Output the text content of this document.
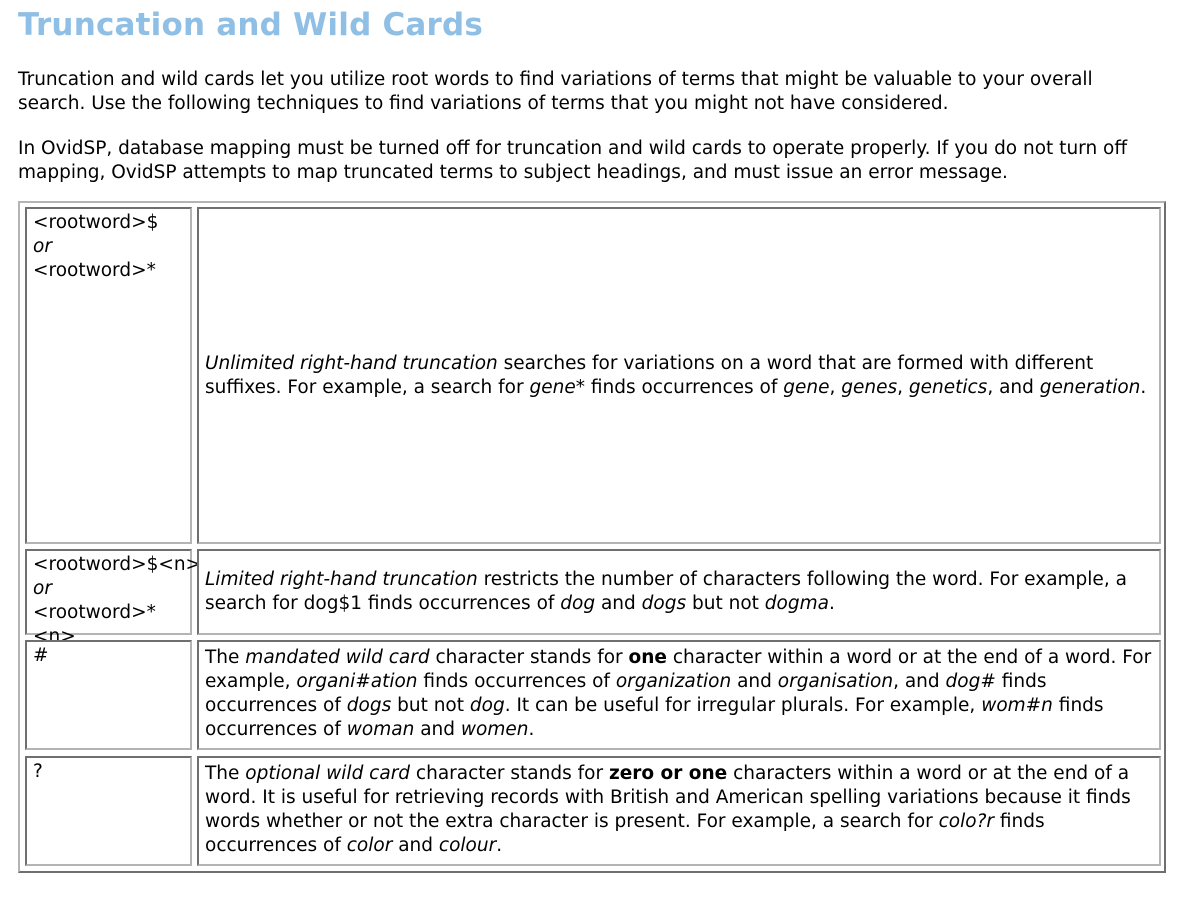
Truncation and Wild Cards

Truncation and wild cards let you utilize root words to find variations of terms that might be valuable to your overall search. Use the following techniques to find variations of terms that you might not have considered.

In OvidSP, database mapping must be turned off for truncation and wild cards to operate properly. If you do not turn off mapping, OvidSP attempts to map truncated terms to subject headings, and must issue an error message.

<rootword>$
or
<rootword>*
Unlimited right-hand truncation searches for variations on a word that are formed with different suffixes. For example, a search for gene* finds occurrences of gene, genes, genetics, and generation.
<rootword>$<n>
or
<rootword>*<n>
Limited right-hand truncation restricts the number of characters following the word. For example, a search for dog$1 finds occurrences of dog and dogs but not dogma.
#	The mandated wild card character stands for one character within a word or at the end of a word. For example, organi#ation finds occurrences of organization and organisation, and dog# finds occurrences of dogs but not dog. It can be useful for irregular plurals. For example, wom#n finds occurrences of woman and women.
?	The optional wild card character stands for zero or one characters within a word or at the end of a word. It is useful for retrieving records with British and American spelling variations because it finds words whether or not the extra character is present. For example, a search for colo?r finds occurrences of color and colour.
